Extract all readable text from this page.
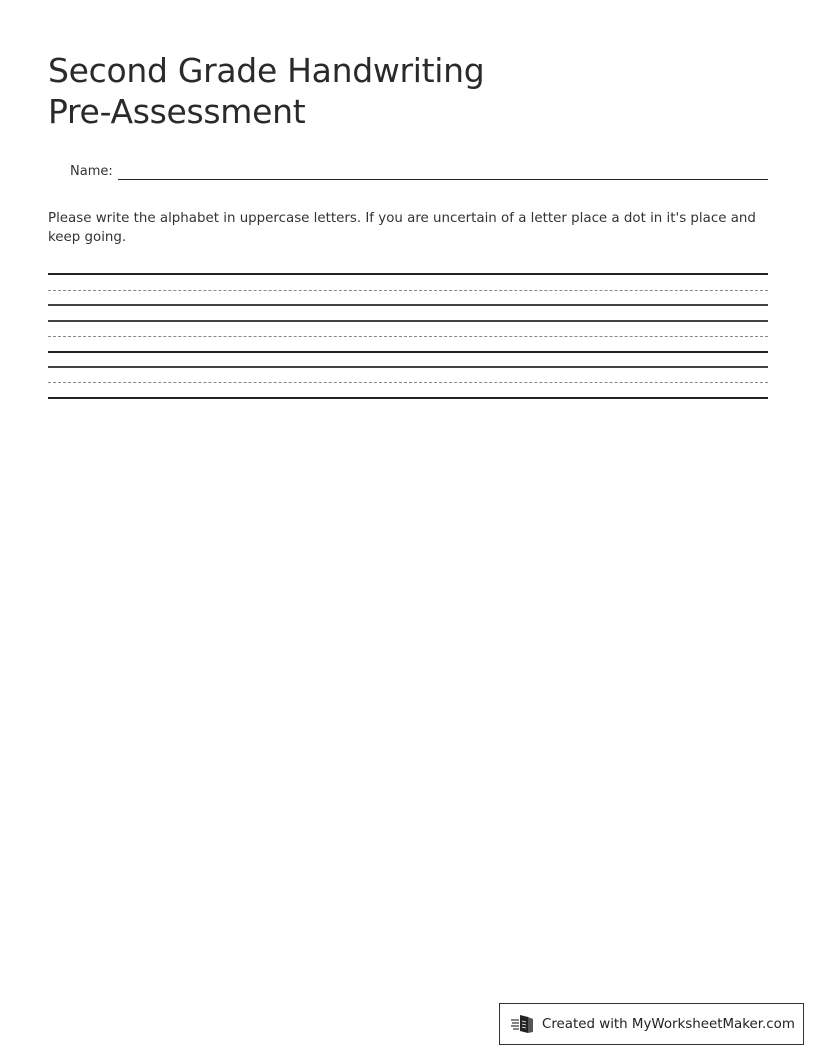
Second Grade Handwriting
Pre-Assessment
Name:

Please write the alphabet in uppercase letters. If you are uncertain of a letter place a dot in it's place and keep going.

Created with MyWorksheetMaker.com
